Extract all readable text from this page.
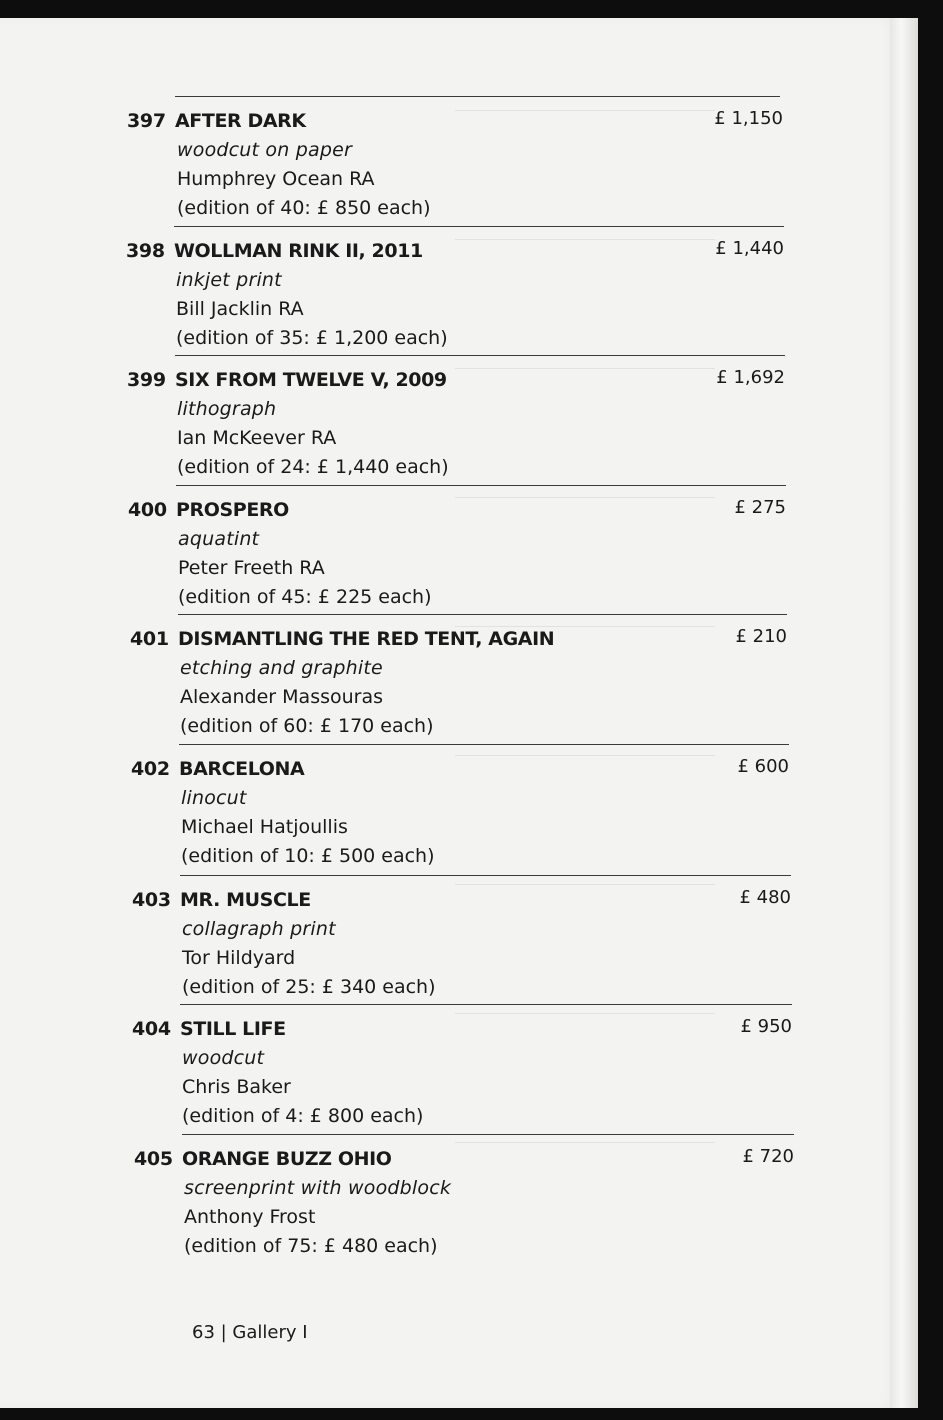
397 AFTER DARK
woodcut on paper
Humphrey Ocean RA
(edition of 40: £ 850 each)
£ 1,150
398 WOLLMAN RINK II, 2011
inkjet print
Bill Jacklin RA
(edition of 35: £ 1,200 each)
£ 1,440
399 SIX FROM TWELVE V, 2009
lithograph
Ian McKeever RA
(edition of 24: £ 1,440 each)
£ 1,692
400 PROSPERO
aquatint
Peter Freeth RA
(edition of 45: £ 225 each)
£ 275
401 DISMANTLING THE RED TENT, AGAIN
etching and graphite
Alexander Massouras
(edition of 60: £ 170 each)
£ 210
402 BARCELONA
linocut
Michael Hatjoullis
(edition of 10: £ 500 each)
£ 600
403 MR. MUSCLE
collagraph print
Tor Hildyard
(edition of 25: £ 340 each)
£ 480
404 STILL LIFE
woodcut
Chris Baker
(edition of 4: £ 800 each)
£ 950
405 ORANGE BUZZ OHIO
screenprint with woodblock
Anthony Frost
(edition of 75: £ 480 each)
£ 720
63 | Gallery I
